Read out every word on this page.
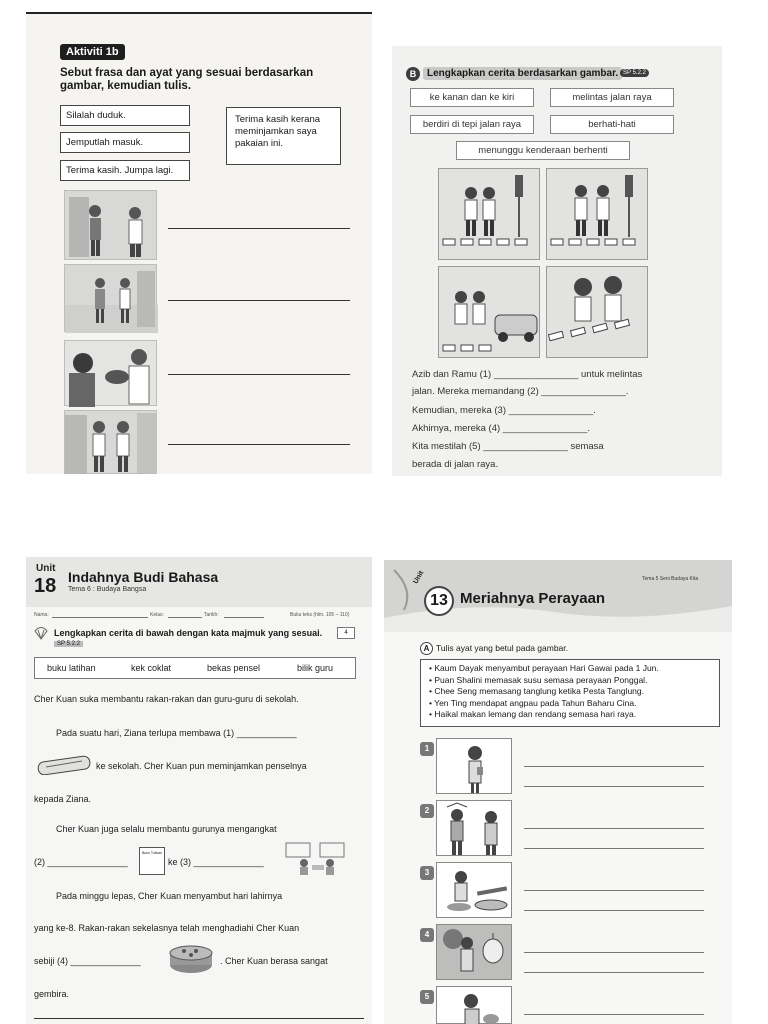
Aktiviti 1b
Sebut frasa dan ayat yang sesuai berdasarkan gambar, kemudian tulis.
Silalah duduk.
Jemputlah masuk.
Terima kasih. Jumpa lagi.
Terima kasih kerana meminjamkan saya pakaian ini.
B	Lengkapkan cerita berdasarkan gambar. SP 5.2.2
ke kanan dan ke kiri	melintas jalan raya
berdiri di tepi jalan raya	berhati-hati
menunggu kenderaan berhenti
Azib dan Ramu (1) ________________ untuk melintas
jalan. Mereka memandang (2) ________________.
Kemudian, mereka (3) ________________.
Akhirnya, mereka (4) ________________.
Kita mestilah (5) ________________ semasa
berada di jalan raya.
Unit
18 Indahnya Budi Bahasa
Tema 6 : Budaya Bangsa
Nama:	Kelas:	Tarikh:	Buku teks (hlm. 105 – 110)
Lengkapkan cerita di bawah dengan kata majmuk yang sesuai.	4
SP 5.2.2
buku latihan	kek coklat	bekas pensel	bilik guru
Cher Kuan suka membantu rakan-rakan dan guru-guru di sekolah.
Pada suatu hari, Ziana terlupa membawa (1) ____________
ke sekolah. Cher Kuan pun meminjamkan penselnya
kepada Ziana.
Cher Kuan juga selalu membantu gurunya mengangkat
(2) ________________
Buku Tulisan
ke (3) ______________
Pada minggu lepas, Cher Kuan menyambut hari lahirnya
yang ke-8. Rakan-rakan sekelasnya telah menghadiahi Cher Kuan
sebiji (4) ______________	. Cher Kuan berasa sangat
gembira.
Unit
13 Meriahnya Perayaan
Tema 5 Seni Budaya Kita
A Tulis ayat yang betul pada gambar.
• Kaum Dayak menyambut perayaan Hari Gawai pada 1 Jun.
• Puan Shalini memasak susu semasa perayaan Ponggal.
• Chee Seng memasang tanglung ketika Pesta Tanglung.
• Yen Ting mendapat angpau pada Tahun Baharu Cina.
• Haikal makan lemang dan rendang semasa hari raya.
1
2
3
4
5
